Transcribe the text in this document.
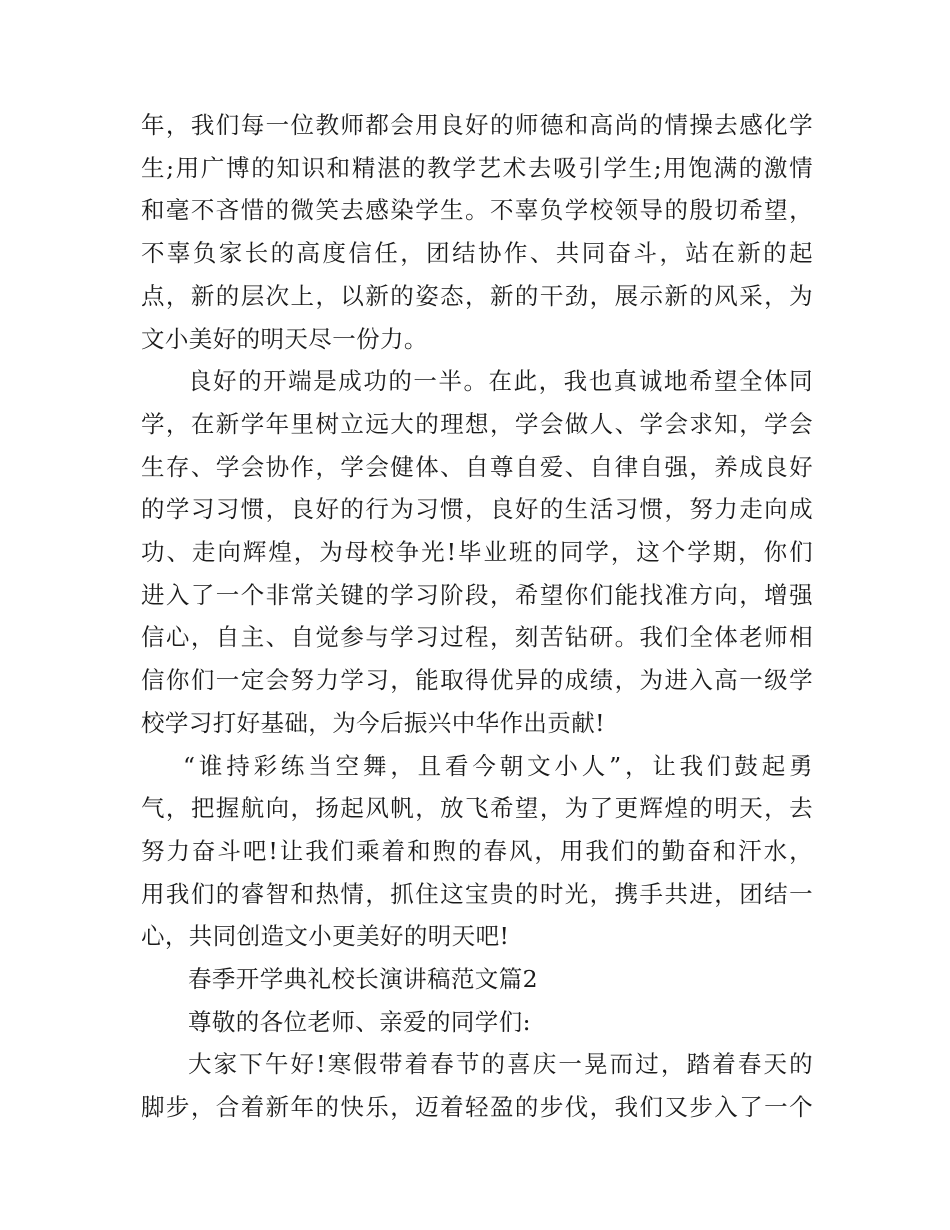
年，我们每一位教师都会用良好的师德和高尚的情操去感化学
生;用广博的知识和精湛的教学艺术去吸引学生;用饱满的激情
和毫不吝惜的微笑去感染学生。不辜负学校领导的殷切希望，
不辜负家长的高度信任，团结协作、共同奋斗，站在新的起
点，新的层次上，以新的姿态，新的干劲，展示新的风采，为
文小美好的明天尽一份力。
良好的开端是成功的一半。在此，我也真诚地希望全体同
学，在新学年里树立远大的理想，学会做人、学会求知，学会
生存、学会协作，学会健体、自尊自爱、自律自强，养成良好
的学习习惯，良好的行为习惯，良好的生活习惯，努力走向成
功、走向辉煌，为母校争光!毕业班的同学，这个学期，你们
进入了一个非常关键的学习阶段，希望你们能找准方向，增强
信心，自主、自觉参与学习过程，刻苦钻研。我们全体老师相
信你们一定会努力学习，能取得优异的成绩，为进入高一级学
校学习打好基础，为今后振兴中华作出贡献!
“谁持彩练当空舞，且看今朝文小人”，让我们鼓起勇
气，把握航向，扬起风帆，放飞希望，为了更辉煌的明天，去
努力奋斗吧!让我们乘着和煦的春风，用我们的勤奋和汗水，
用我们的睿智和热情，抓住这宝贵的时光，携手共进，团结一
心，共同创造文小更美好的明天吧!
春季开学典礼校长演讲稿范文篇2
尊敬的各位老师、亲爱的同学们:
大家下午好!寒假带着春节的喜庆一晃而过，踏着春天的
脚步，合着新年的快乐，迈着轻盈的步伐，我们又步入了一个
